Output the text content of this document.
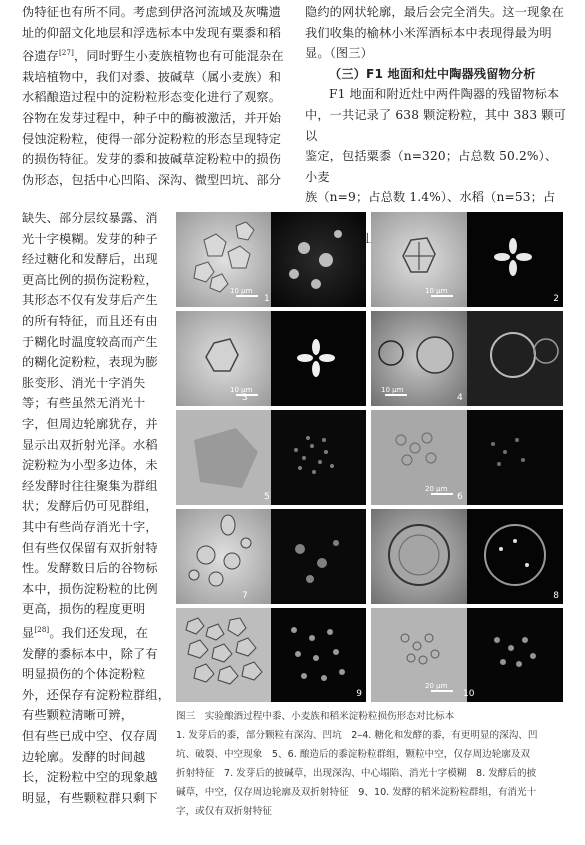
伪特征也有所不同。考虑到伊洛河流域及灰嘴遗

址的仰韶文化地层和浮选标本中发现有粟黍和稻

谷遗存[27]，同时野生小麦族植物也有可能混杂在

栽培植物中，我们对黍、披碱草（属小麦族）和

水稻酿造过程中的淀粉粒形态变化进行了观察。

谷物在发芽过程中，种子中的酶被激活，并开始

侵蚀淀粉粒，使得一部分淀粉粒的形态呈现特定

的损伤特征。发芽的黍和披碱草淀粉粒中的损伤

伪形态，包括中心凹陷、深沟、微型凹坑、部分

隐约的网状轮廓，最后会完全消失。这一现象在

我们收集的榆林小米浑酒标本中表现得最为明

显。（图三）

（三）F1 地面和灶中陶器残留物分析

F1 地面和附近灶中两件陶器的残留物标本

中，一共记录了 638 颗淀粉粒，其中 383 颗可以

鉴定，包括粟黍（n=320；占总数 50.2%）、小麦

族（n=9；占总数 1.4%）、水稻（n=53；占

缺失、部分层纹暴露、消

光十字模糊。发芽的种子

经过糖化和发酵后，出现

更高比例的损伤淀粉粒，

其形态不仅有发芽后产生

的所有特征，而且还有由

于糊化时温度较高而产生

的糊化淀粉粒，表现为膨

胀变形、消光十字消失

等；有些虽然无消光十

字，但周边轮廓犹存，并

显示出双折射光泽。水稻

淀粉粒为小型多边体，未

经发酵时往往聚集为群组

状；发酵后仍可见群组，

其中有些尚存消光十字，

但有些仅保留有双折射特

性。发酵数日后的谷物标

本中，损伤淀粉粒的比例

更高，损伤的程度更明

显[28]。我们还发现，在

发酵的黍标本中，除了有

明显损伤的个体淀粉粒

外，还保存有淀粉粒群组，

有些颗粒清晰可辨，

但有些已成中空、仅存周

边轮廓。发酵的时间越

长，淀粉粒中空的现象越

明显，有些颗粒群只剩下

10 μm
1
10 μm
2
10 μm
3
10 μm
4
5
20 μm
6
7	8
9
20 μm
10

图三　实验酿酒过程中黍、小麦族和稻米淀粉粒损伤形态对比标本

1. 发芽后的黍，部分颗粒有深沟、凹坑　2–4. 糖化和发酵的黍，有更明显的深沟、凹

坑、破裂、中空现象　5、6. 酿造后的黍淀粉粒群组，颗粒中空，仅存周边轮廓及双

折射特征　7. 发芽后的披碱草，出现深沟、中心塌陷、消光十字模糊　8. 发酵后的披

碱草，中空，仅存周边轮廓及双折射特征　9、10. 发酵的稻米淀粉粒群组，有消光十

字，或仅有双折射特征
